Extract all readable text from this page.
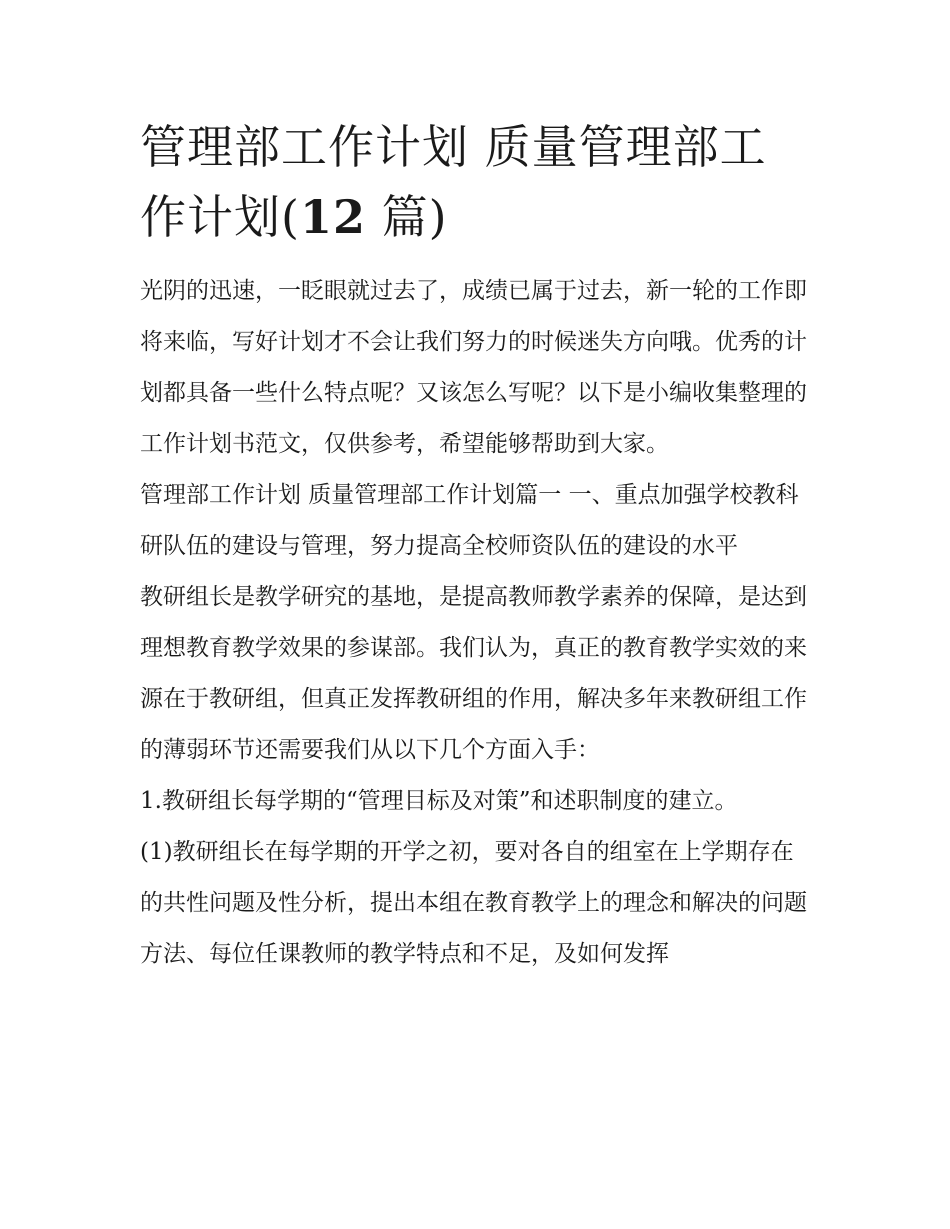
管理部工作计划 质量管理部工作计划(12 篇)

光阴的迅速，一眨眼就过去了，成绩已属于过去，新一轮的工作即将来临，写好计划才不会让我们努力的时候迷失方向哦。优秀的计划都具备一些什么特点呢？又该怎么写呢？以下是小编收集整理的工作计划书范文，仅供参考，希望能够帮助到大家。

管理部工作计划 质量管理部工作计划篇一 一、重点加强学校教科研队伍的建设与管理，努力提高全校师资队伍的建设的水平

教研组长是教学研究的基地，是提高教师教学素养的保障，是达到理想教育教学效果的参谋部。我们认为，真正的教育教学实效的来源在于教研组，但真正发挥教研组的作用，解决多年来教研组工作的薄弱环节还需要我们从以下几个方面入手：

1.教研组长每学期的“管理目标及对策”和述职制度的建立。

(1)教研组长在每学期的开学之初，要对各自的组室在上学期存在的共性问题及性分析，提出本组在教育教学上的理念和解决的问题方法、每位任课教师的教学特点和不足，及如何发挥
